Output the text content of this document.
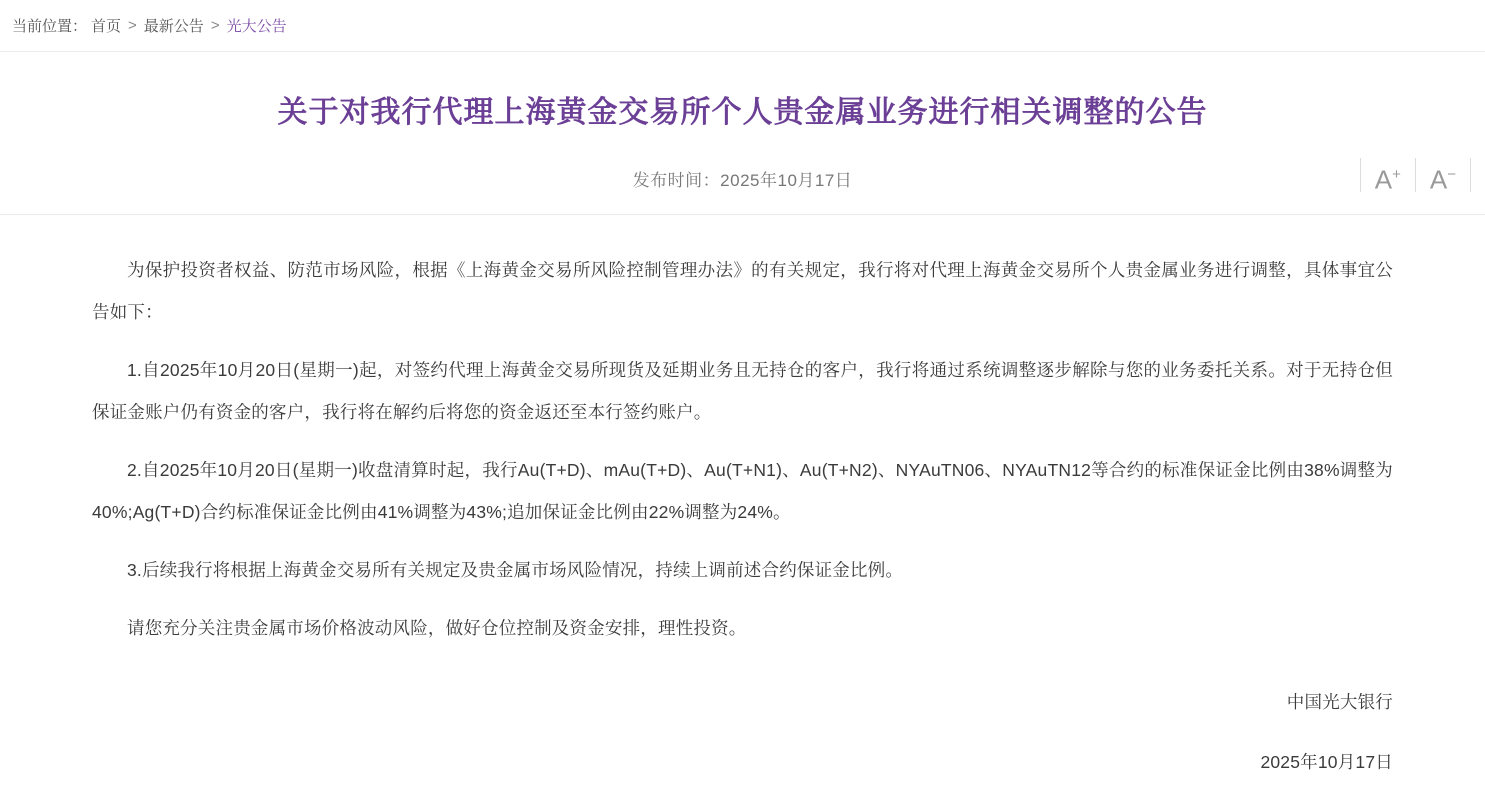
当前位置： 首页 > 最新公告 > 光大公告
关于对我行代理上海黄金交易所个人贵金属业务进行相关调整的公告
发布时间：2025年10月17日	A+	A−

为保护投资者权益、防范市场风险，根据《上海黄金交易所风险控制管理办法》的有关规定，我行将对代理上海黄金交易所个人贵金属业务进行调整，具体事宜公告如下：

1.自2025年10月20日(星期一)起，对签约代理上海黄金交易所现货及延期业务且无持仓的客户，我行将通过系统调整逐步解除与您的业务委托关系。对于无持仓但保证金账户仍有资金的客户，我行将在解约后将您的资金返还至本行签约账户。

2.自2025年10月20日(星期一)收盘清算时起，我行Au(T+D)、mAu(T+D)、Au(T+N1)、Au(T+N2)、NYAuTN06、NYAuTN12等合约的标准保证金比例由38%调整为40%;Ag(T+D)合约标准保证金比例由41%调整为43%;追加保证金比例由22%调整为24%。

3.后续我行将根据上海黄金交易所有关规定及贵金属市场风险情况，持续上调前述合约保证金比例。

请您充分关注贵金属市场价格波动风险，做好仓位控制及资金安排，理性投资。

中国光大银行

2025年10月17日
